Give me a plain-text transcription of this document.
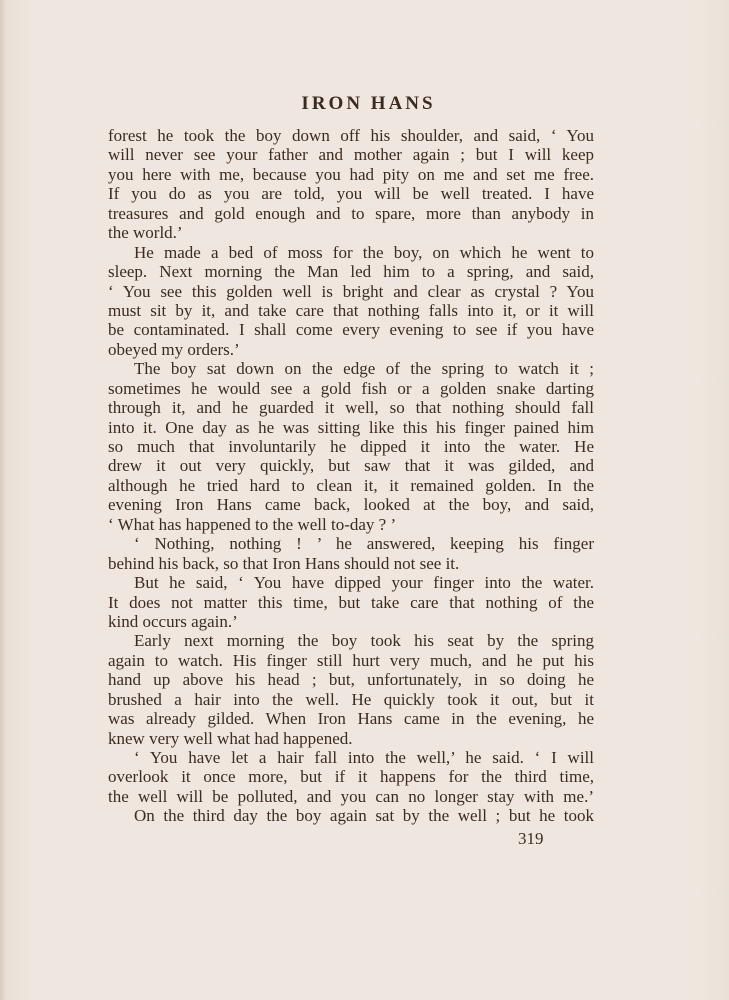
IRON HANS
forest he took the boy down off his shoulder, and said, ‘ You
will never see your father and mother again ; but I will keep
you here with me, because you had pity on me and set me free.
If you do as you are told, you will be well treated. I have
treasures and gold enough and to spare, more than anybody in
the world.’
He made a bed of moss for the boy, on which he went to
sleep. Next morning the Man led him to a spring, and said,
‘ You see this golden well is bright and clear as crystal ? You
must sit by it, and take care that nothing falls into it, or it will
be contaminated. I shall come every evening to see if you have
obeyed my orders.’
The boy sat down on the edge of the spring to watch it ;
sometimes he would see a gold fish or a golden snake darting
through it, and he guarded it well, so that nothing should fall
into it. One day as he was sitting like this his finger pained him
so much that involuntarily he dipped it into the water. He
drew it out very quickly, but saw that it was gilded, and
although he tried hard to clean it, it remained golden. In the
evening Iron Hans came back, looked at the boy, and said,
‘ What has happened to the well to-day ? ’
‘ Nothing, nothing ! ’ he answered, keeping his finger
behind his back, so that Iron Hans should not see it.
But he said, ‘ You have dipped your finger into the water.
It does not matter this time, but take care that nothing of the
kind occurs again.’
Early next morning the boy took his seat by the spring
again to watch. His finger still hurt very much, and he put his
hand up above his head ; but, unfortunately, in so doing he
brushed a hair into the well. He quickly took it out, but it
was already gilded. When Iron Hans came in the evening, he
knew very well what had happened.
‘ You have let a hair fall into the well,’ he said. ‘ I will
overlook it once more, but if it happens for the third time,
the well will be polluted, and you can no longer stay with me.’
On the third day the boy again sat by the well ; but he took
319
